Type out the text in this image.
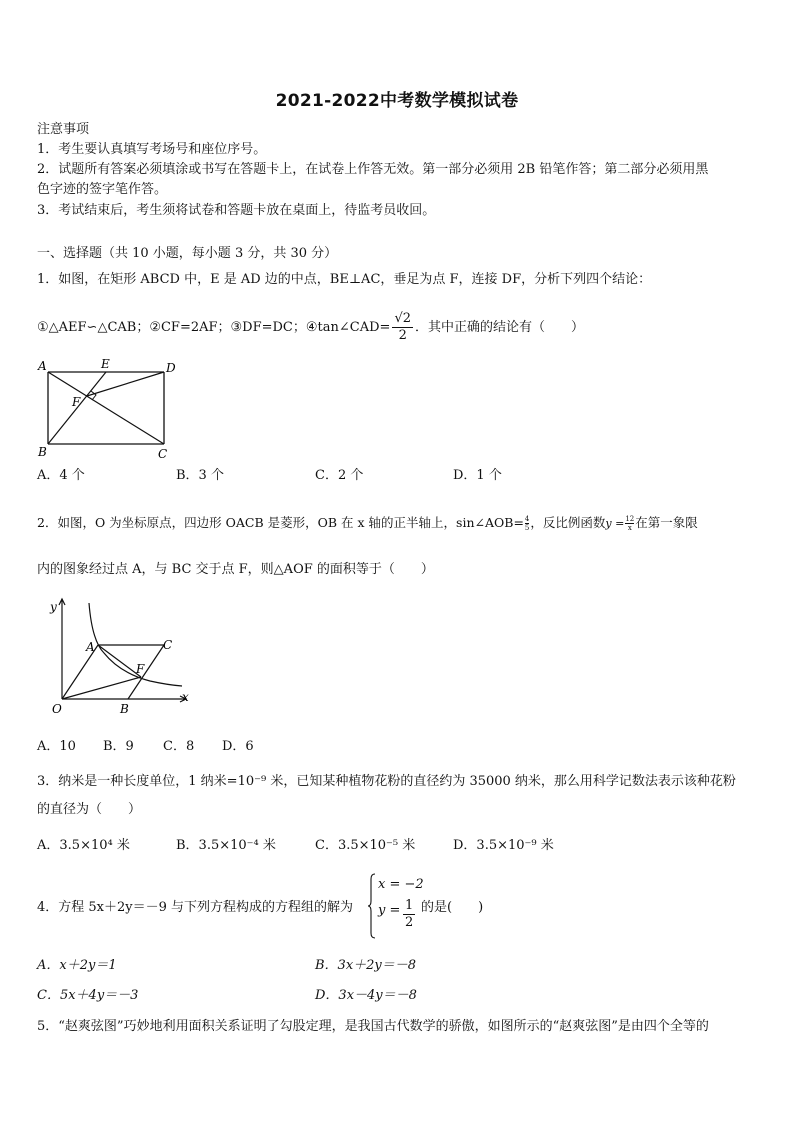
2021-2022中考数学模拟试卷
注意事项
1．考生要认真填写考场号和座位序号。
2．试题所有答案必须填涂或书写在答题卡上，在试卷上作答无效。第一部分必须用 2B 铅笔作答；第二部分必须用黑
色字迹的签字笔作答。
3．考试结束后，考生须将试卷和答题卡放在桌面上，待监考员收回。
一、选择题（共 10 小题，每小题 3 分，共 30 分）
1．如图，在矩形 ABCD 中，E 是 AD 边的中点，BE⊥AC，垂足为点 F，连接 DF，分析下列四个结论：
①△AEF∽△CAB；②CF=2AF；③DF=DC；④tan∠CAD= $\frac{√2}{2}$ ．其中正确的结论有（　　）
A	E	D
F
B	C
A．4 个	B．3 个	C．2 个	D．1 个
2．如图，O 为坐标原点，四边形 OACB 是菱形，OB 在 x 轴的正半轴上，sin∠AOB= $\frac{4}{5}$，反比例函数$y = \frac{12}{x}$在第一象限
内的图象经过点 A，与 BC 交于点 F，则△AOF 的面积等于（　　）
y
x
O
A	C
F
B
A．10 B．9 C．8 D．6
3．纳米是一种长度单位，1 纳米=10⁻⁹ 米，已知某种植物花粉的直径约为 35000 纳米，那么用科学记数法表示该种花粉
的直径为（　　）
A．3.5×10⁴ 米	B．3.5×10⁻⁴ 米	C．3.5×10⁻⁵ 米	D．3.5×10⁻⁹ 米
4．方程 5x＋2y＝－9 与下列方程构成的方程组的解为
x = −2
$y = \frac{1}{2}$ 的是(　　)
A．x＋2y＝1	B．3x＋2y＝－8
C．5x＋4y＝－3	D．3x－4y＝－8
5．“赵爽弦图”巧妙地利用面积关系证明了勾股定理，是我国古代数学的骄傲，如图所示的“赵爽弦图”是由四个全等的
